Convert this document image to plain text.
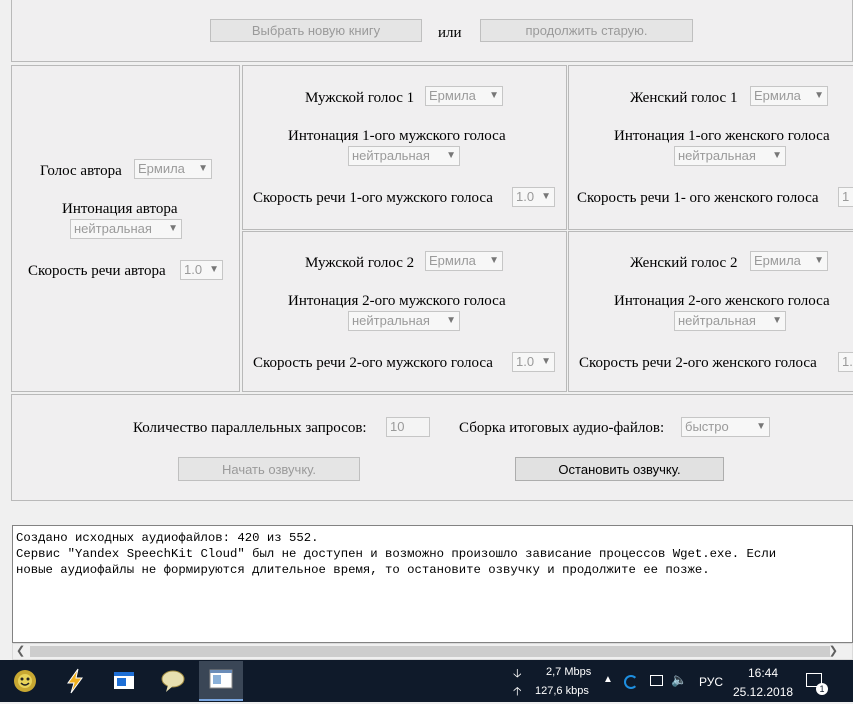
Выбрать новую книгу	или	продолжить старую.
Голос автора	Ермила ▼
Интонация автора
нейтральная ▼
Скорость речи автора	1.0 ▼
Мужской голос 1	Ермила ▼
Интонация 1-ого мужского голоса
нейтральная ▼
Скорость речи 1-ого мужского голоса	1.0 ▼
Женский голос 1	Ермила ▼
Интонация 1-ого женского голоса
нейтральная ▼
Скорость речи 1- ого женского голоса	1
Мужской голос 2	Ермила ▼
Интонация 2-ого мужского голоса
нейтральная ▼
Скорость речи 2-ого мужского голоса	1.0 ▼
Женский голос 2	Ермила ▼
Интонация 2-ого женского голоса
нейтральная ▼
Скорость речи 2-ого женского голоса	1.
Количество параллельных запросов:	10	Сборка итоговых аудио-файлов:	быстро	▼
Начать озвучку.	Остановить озвучку.
Создано исходных аудиофайлов: 420 из 552.
Сервис "Yandex SpeechKit Cloud" был не доступен и возможно произошло зависание процессов Wget.exe. Если
новые аудиофайлы не формируются длительное время, то остановите озвучку и продолжите ее позже.
❮	❯
🡣 2,7 Mbps
🡡 127,6 kbps
▲	🔈 РУС
16:44
25.12.2018	1
